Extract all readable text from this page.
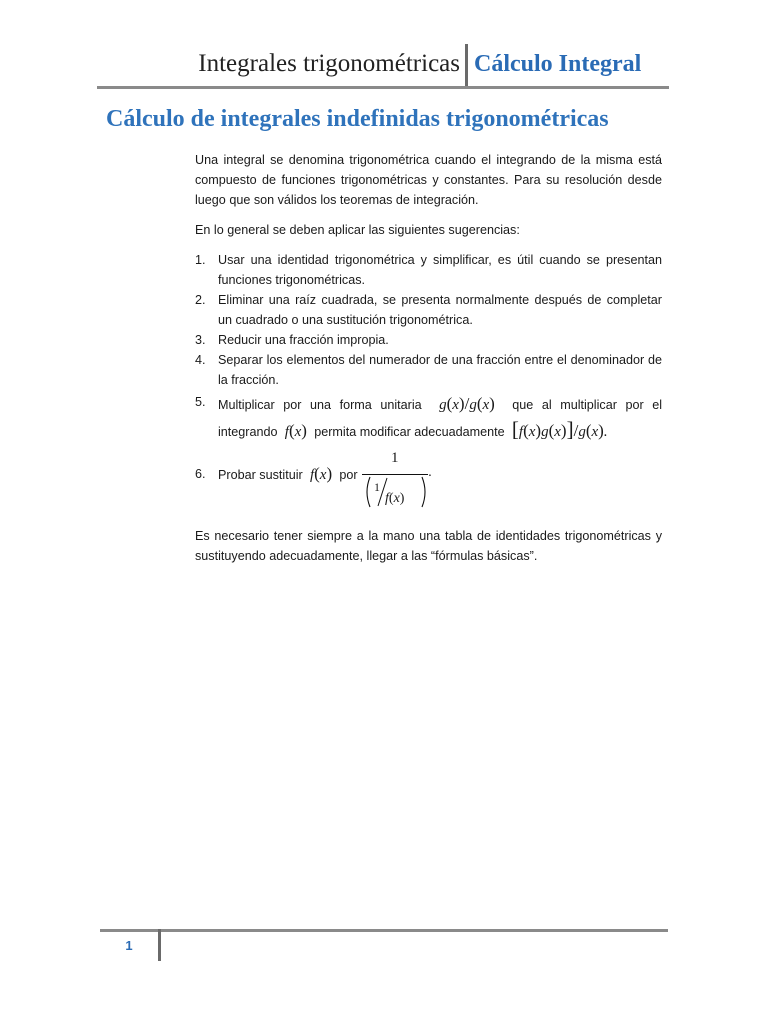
Integrales trigonométricas Cálculo Integral
Cálculo de integrales indefinidas trigonométricas

Una integral se denomina trigonométrica cuando el integrando de la misma está compuesto de funciones trigonométricas y constantes. Para su resolución desde luego que son válidos los teoremas de integración.

En lo general se deben aplicar las siguientes sugerencias:

1. Usar una identidad trigonométrica y simplificar, es útil cuando se presentan funciones trigonométricas.
2. Eliminar una raíz cuadrada, se presenta normalmente después de completar un cuadrado o una sustitución trigonométrica.
3. Reducir una fracción impropia.
4. Separar los elementos del numerador de una fracción entre el denominador de la fracción.
5. Multiplicar por una forma unitaria g(x)/g(x) que al multiplicar por el integrando f(x) permita modificar adecuadamente [f(x)g(x)]/g(x).
6. Probar sustituir f(x) por
1
1
f(x)
.

Es necesario tener siempre a la mano una tabla de identidades trigonométricas y sustituyendo adecuadamente, llegar a las “fórmulas básicas”.

1
